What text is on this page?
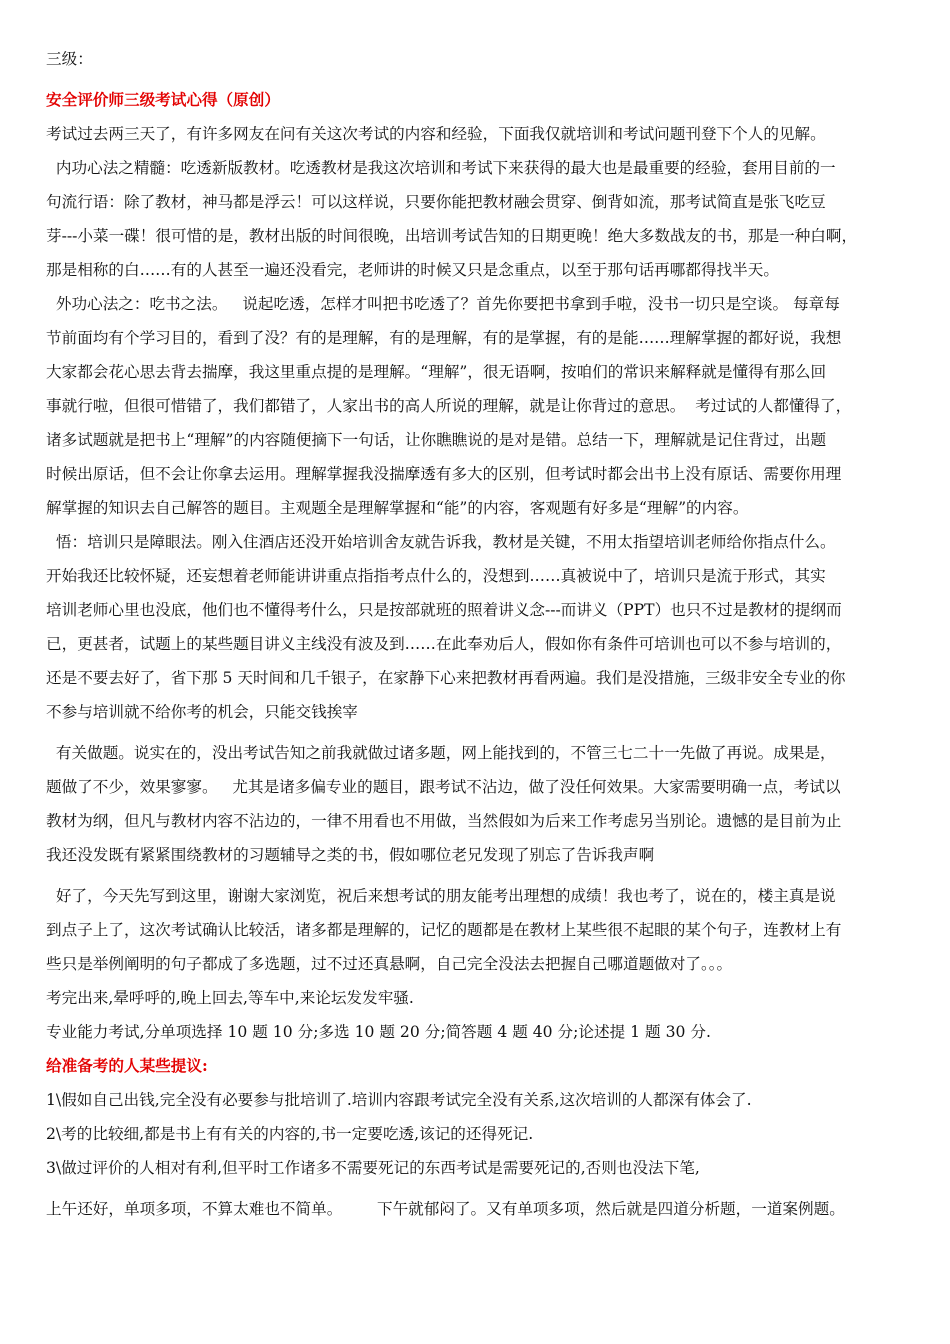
三级：
安全评价师三级考试心得（原创）
考试过去两三天了，有许多网友在问有关这次考试的内容和经验，下面我仅就培训和考试问题刊登下个人的见解。
内功心法之精髓：吃透新版教材。吃透教材是我这次培训和考试下来获得的最大也是最重要的经验，套用目前的一
句流行语：除了教材，神马都是浮云！可以这样说，只要你能把教材融会贯穿、倒背如流，那考试简直是张飞吃豆
芽---小菜一碟！很可惜的是，教材出版的时间很晚，出培训考试告知的日期更晚！绝大多数战友的书，那是一种白啊，
那是相称的白……有的人甚至一遍还没看完，老师讲的时候又只是念重点，以至于那句话再哪都得找半天。
外功心法之：吃书之法。   说起吃透，怎样才叫把书吃透了？首先你要把书拿到手啦，没书一切只是空谈。 每章每
节前面均有个学习目的，看到了没？有的是理解，有的是理解，有的是掌握，有的是能……理解掌握的都好说，我想
大家都会花心思去背去揣摩，我这里重点提的是理解。“理解”，很无语啊，按咱们的常识来解释就是懂得有那么回
事就行啦，但很可惜错了，我们都错了，人家出书的高人所说的理解，就是让你背过的意思。  考过试的人都懂得了，
诸多试题就是把书上“理解”的内容随便摘下一句话，让你瞧瞧说的是对是错。总结一下，理解就是记住背过，出题
时候出原话，但不会让你拿去运用。理解掌握我没揣摩透有多大的区别，但考试时都会出书上没有原话、需要你用理
解掌握的知识去自己解答的题目。主观题全是理解掌握和“能”的内容，客观题有好多是“理解”的内容。
悟：培训只是障眼法。刚入住酒店还没开始培训舍友就告诉我，教材是关键，不用太指望培训老师给你指点什么。
开始我还比较怀疑，还妄想着老师能讲讲重点指指考点什么的，没想到……真被说中了，培训只是流于形式，其实
培训老师心里也没底，他们也不懂得考什么，只是按部就班的照着讲义念---而讲义（PPT）也只不过是教材的提纲而
已，更甚者，试题上的某些题目讲义主线没有波及到……在此奉劝后人，假如你有条件可培训也可以不参与培训的，
还是不要去好了，省下那 5 天时间和几千银子，在家静下心来把教材再看两遍。我们是没措施，三级非安全专业的你
不参与培训就不给你考的机会，只能交钱挨宰
有关做题。说实在的，没出考试告知之前我就做过诸多题，网上能找到的，不管三七二十一先做了再说。成果是，
题做了不少，效果寥寥。   尤其是诸多偏专业的题目，跟考试不沾边，做了没任何效果。大家需要明确一点，考试以
教材为纲，但凡与教材内容不沾边的，一律不用看也不用做，当然假如为后来工作考虑另当别论。遗憾的是目前为止
我还没发既有紧紧围绕教材的习题辅导之类的书，假如哪位老兄发现了别忘了告诉我声啊
好了，今天先写到这里，谢谢大家浏览，祝后来想考试的朋友能考出理想的成绩！我也考了，说在的，楼主真是说
到点子上了，这次考试确认比较活，诸多都是理解的，记忆的题都是在教材上某些很不起眼的某个句子，连教材上有
些只是举例阐明的句子都成了多选题，过不过还真悬啊，自己完全没法去把握自己哪道题做对了。。。
考完出来,晕呼呼的,晚上回去,等车中,来论坛发发牢骚.
专业能力考试,分单项选择 10 题 10 分;多选 10 题 20 分;简答题 4 题 40 分;论述提 1 题 30 分.
给准备考的人某些提议:
1\假如自己出钱,完全没有必要参与批培训了.培训内容跟考试完全没有关系,这次培训的人都深有体会了.
2\考的比较细,都是书上有有关的内容的,书一定要吃透,该记的还得死记.
3\做过评价的人相对有利,但平时工作诸多不需要死记的东西考试是需要死记的,否则也没法下笔,
上午还好，单项多项，不算太难也不简单。       下午就郁闷了。又有单项多项，然后就是四道分析题，一道案例题。
